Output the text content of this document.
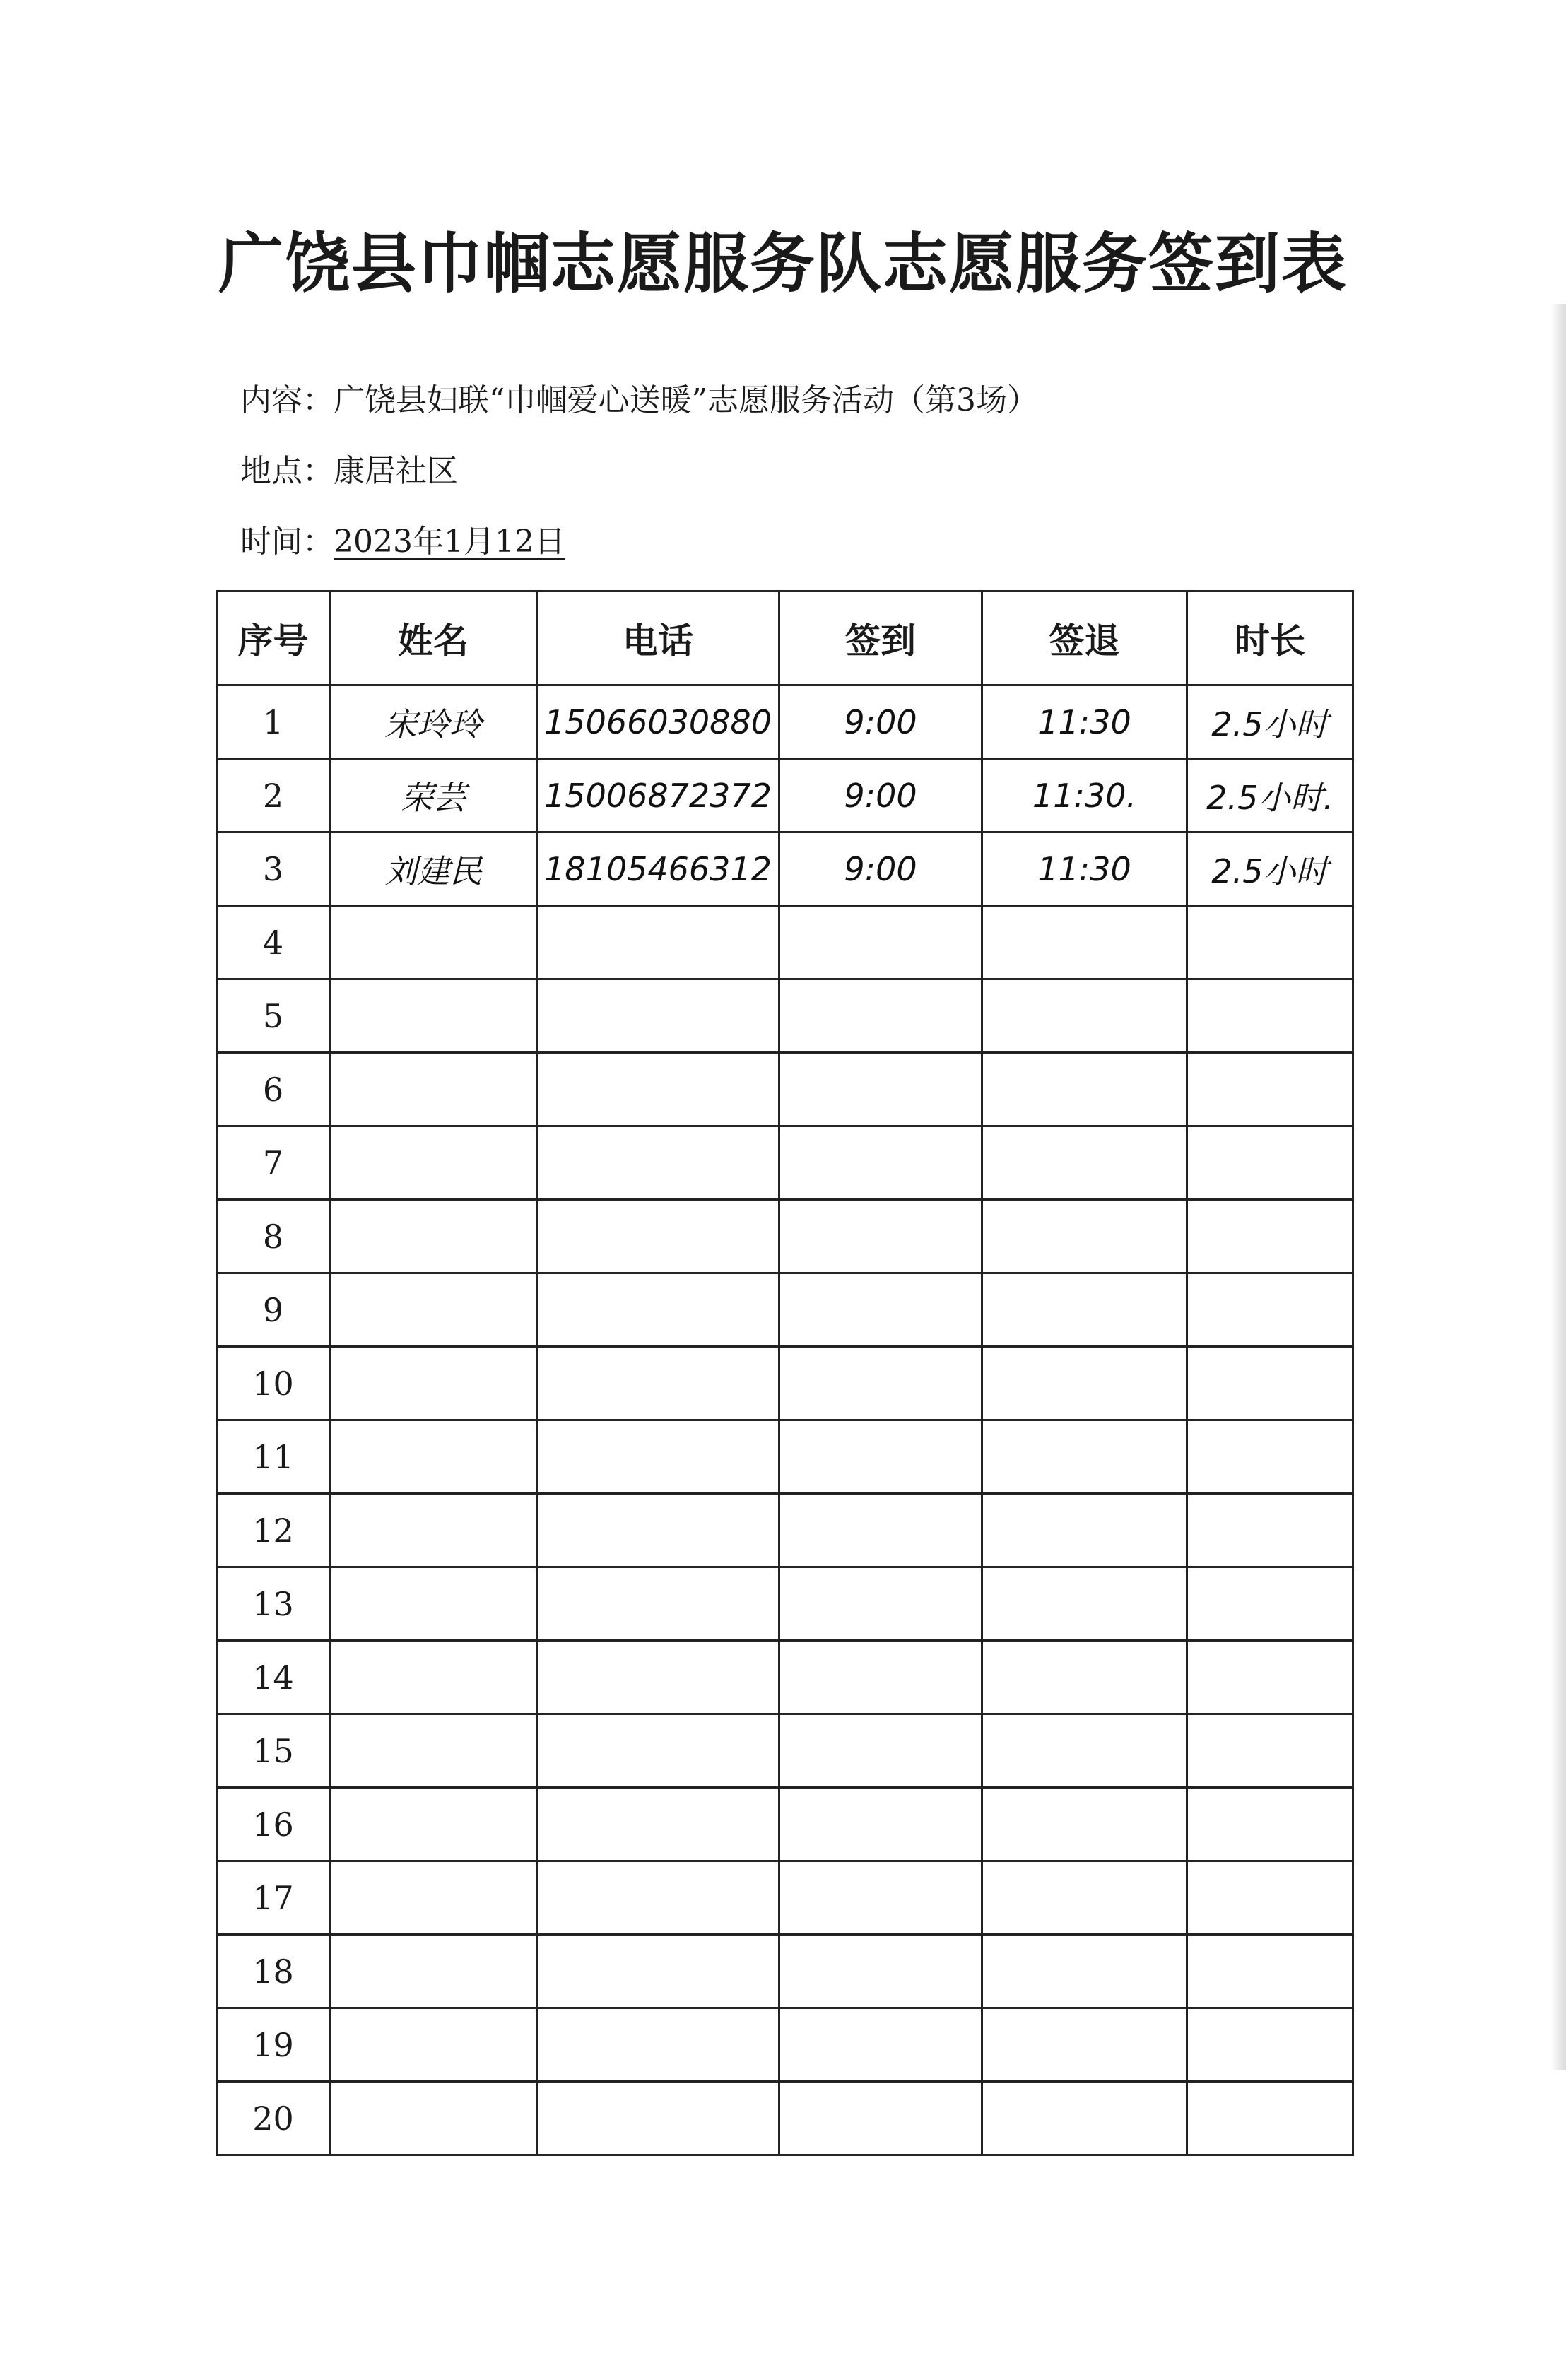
广饶县巾帼志愿服务队志愿服务签到表
内容：广饶县妇联“巾帼爱心送暖”志愿服务活动（第3场）
地点：康居社区
时间：2023年1月12日
序号	姓名	电话	签到	签退	时长
1	宋玲玲	15066030880	9:00	11:30	2.5小时
2	荣芸	15006872372	9:00	11:30.	2.5小时.
3	刘建民	18105466312	9:00	11:30	2.5小时
4					
5					
6					
7					
8					
9					
10					
11					
12					
13					
14					
15					
16					
17					
18					
19					
20					
